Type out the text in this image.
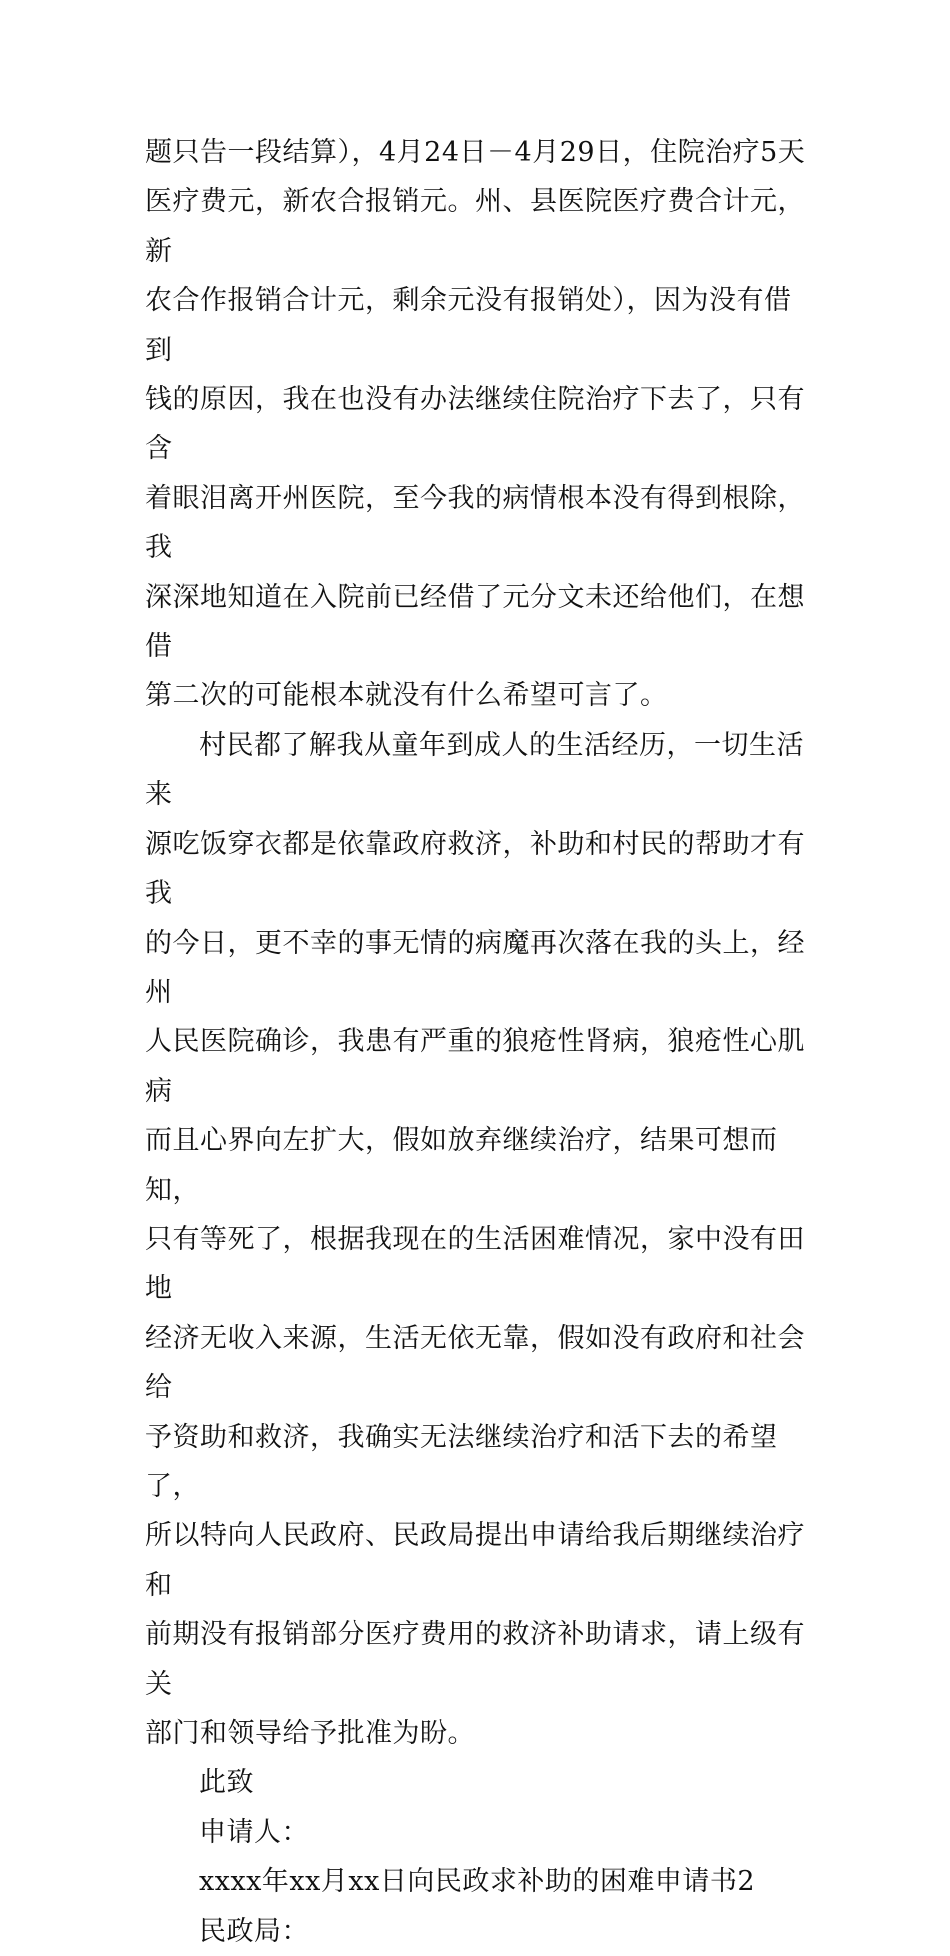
题只告一段结算），4月24日－4月29日，住院治疗5天
医疗费元，新农合报销元。州、县医院医疗费合计元，新
农合作报销合计元，剩余元没有报销处），因为没有借到
钱的原因，我在也没有办法继续住院治疗下去了，只有含
着眼泪离开州医院，至今我的病情根本没有得到根除，我
深深地知道在入院前已经借了元分文未还给他们，在想借
第二次的可能根本就没有什么希望可言了。

村民都了解我从童年到成人的生活经历，一切生活来
源吃饭穿衣都是依靠政府救济，补助和村民的帮助才有我
的今日，更不幸的事无情的病魔再次落在我的头上，经州
人民医院确诊，我患有严重的狼疮性肾病，狼疮性心肌病
而且心界向左扩大，假如放弃继续治疗，结果可想而知，
只有等死了，根据我现在的生活困难情况，家中没有田地
经济无收入来源，生活无依无靠，假如没有政府和社会给
予资助和救济，我确实无法继续治疗和活下去的希望了，
所以特向人民政府、民政局提出申请给我后期继续治疗和
前期没有报销部分医疗费用的救济补助请求，请上级有关
部门和领导给予批准为盼。

此致

申请人：

xxxx年xx月xx日向民政求补助的困难申请书2

民政局：
